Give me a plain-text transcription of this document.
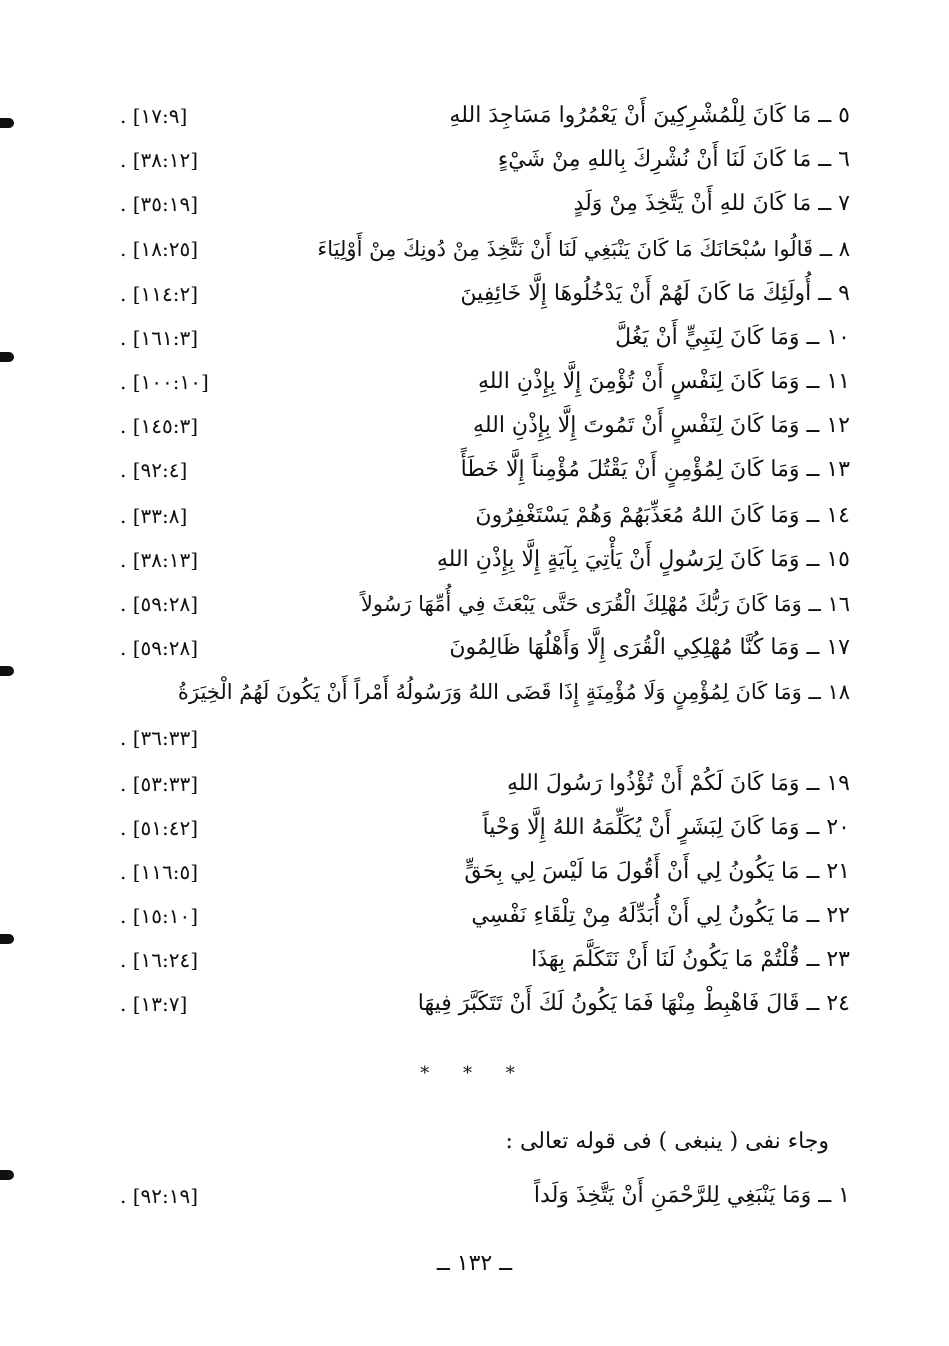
٥ ــ مَا كَانَ لِلْمُشْرِكِينَ أَنْ يَعْمُرُوا مَسَاجِدَ اللهِ
[١٧:٩] .
٦ ــ مَا كَانَ لَنَا أَنْ نُشْرِكَ بِاللهِ مِنْ شَيْءٍ
[٣٨:١٢] .
٧ ــ مَا كَانَ للهِ أَنْ يَتَّخِذَ مِنْ وَلَدٍ
[٣٥:١٩] .
٨ ــ قَالُوا سُبْحَانَكَ مَا كَانَ يَنْبَغِي لَنَا أَنْ نَتَّخِذَ مِنْ دُونِكَ مِنْ أَوْلِيَاءَ
[١٨:٢٥] .
٩ ــ أُولَئِكَ مَا كَانَ لَهُمْ أَنْ يَدْخُلُوهَا إِلَّا خَائِفِينَ
[١١٤:٢] .
١٠ ــ وَمَا كَانَ لِنَبِيٍّ أَنْ يَغُلَّ
[١٦١:٣] .
١١ ــ وَمَا كَانَ لِنَفْسٍ أَنْ تُؤْمِنَ إِلَّا بِإِذْنِ اللهِ
[١٠٠:١٠] .
١٢ ــ وَمَا كَانَ لِنَفْسٍ أَنْ تَمُوتَ إِلَّا بِإِذْنِ اللهِ
[١٤٥:٣] .
١٣ ــ وَمَا كَانَ لِمُؤْمِنٍ أَنْ يَقْتُلَ مُؤْمِناً إِلَّا خَطَأً
[٩٢:٤] .
١٤ ــ وَمَا كَانَ اللهُ مُعَذِّبَهُمْ وَهُمْ يَسْتَغْفِرُونَ
[٣٣:٨] .
١٥ ــ وَمَا كَانَ لِرَسُولٍ أَنْ يَأْتِيَ بِآيَةٍ إِلَّا بِإِذْنِ اللهِ
[٣٨:١٣] .
١٦ ــ وَمَا كَانَ رَبُّكَ مُهْلِكَ الْقُرَى حَتَّى يَبْعَثَ فِي أُمِّهَا رَسُولاً
[٥٩:٢٨] .
١٧ ــ وَمَا كُنَّا مُهْلِكِي الْقُرَى إِلَّا وَأَهْلُهَا ظَالِمُونَ
[٥٩:٢٨] .
١٨ ــ وَمَا كَانَ لِمُؤْمِنٍ وَلَا مُؤْمِنَةٍ إِذَا قَضَى اللهُ وَرَسُولُهُ أَمْراً أَنْ يَكُونَ لَهُمُ الْخِيَرَةُ
[٣٦:٣٣] .
١٩ ــ وَمَا كَانَ لَكُمْ أَنْ تُؤْذُوا رَسُولَ اللهِ
[٥٣:٣٣] .
٢٠ ــ وَمَا كَانَ لِبَشَرٍ أَنْ يُكَلِّمَهُ اللهُ إِلَّا وَحْياً
[٥١:٤٢] .
٢١ ــ مَا يَكُونُ لِي أَنْ أَقُولَ مَا لَيْسَ لِي بِحَقٍّ
[١١٦:٥] .
٢٢ ــ مَا يَكُونُ لِي أَنْ أُبَدِّلَهُ مِنْ تِلْقَاءِ نَفْسِي
[١٥:١٠] .
٢٣ ــ قُلْتُمْ مَا يَكُونُ لَنَا أَنْ نَتَكَلَّمَ بِهَذَا
[١٦:٢٤] .
٢٤ ــ قَالَ فَاهْبِطْ مِنْهَا فَمَا يَكُونُ لَكَ أَنْ تَتَكَبَّرَ فِيهَا
[١٣:٧] .
* * *
وجاء نفى ( ينبغى ) فى قوله تعالى :
١ ــ وَمَا يَنْبَغِي لِلرَّحْمَنِ أَنْ يَتَّخِذَ وَلَداً
[٩٢:١٩] .
ــ ١٣٢ ــ
